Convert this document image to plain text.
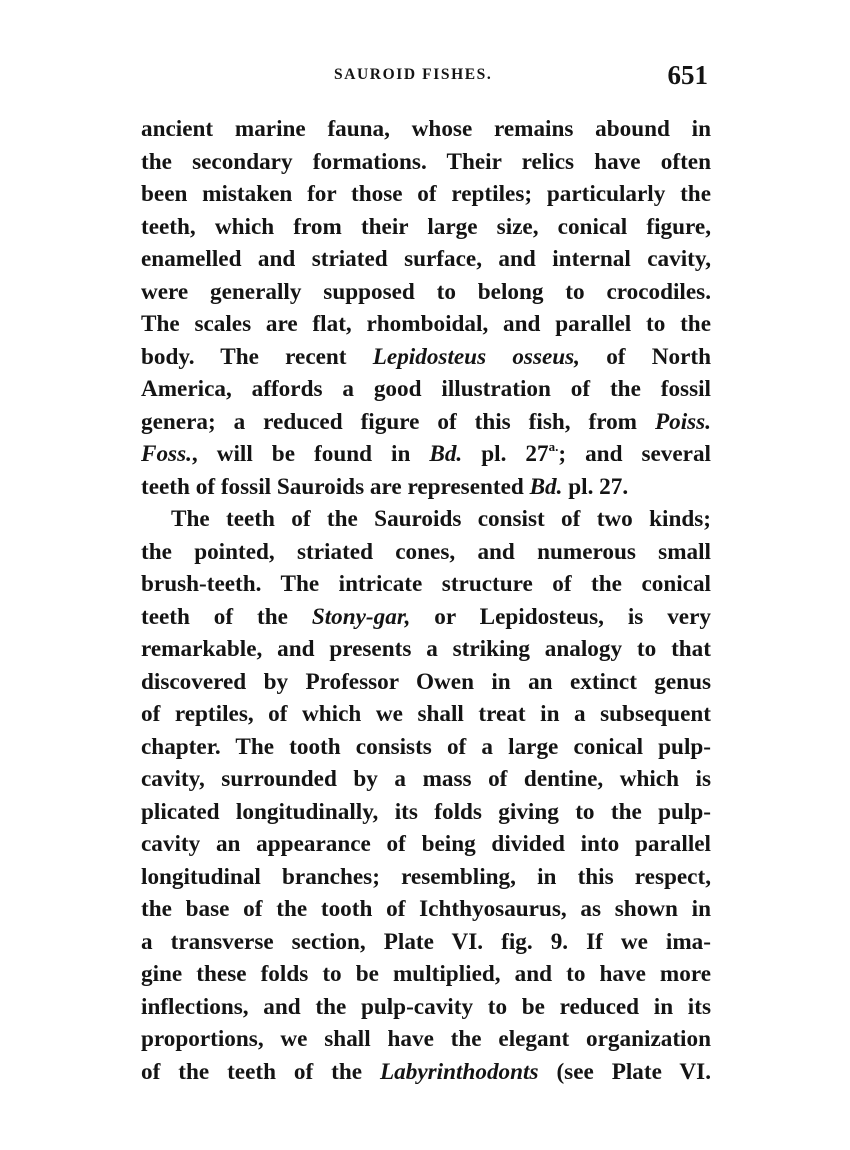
SAUROID FISHES.	651
ancient marine fauna, whose remains abound in
the secondary formations. Their relics have often
been mistaken for those of reptiles; particularly the
teeth, which from their large size, conical figure,
enamelled and striated surface, and internal cavity,
were generally supposed to belong to crocodiles.
The scales are flat, rhomboidal, and parallel to the
body. The recent Lepidosteus osseus, of North
America, affords a good illustration of the fossil
genera; a reduced figure of this fish, from Poiss.
Foss., will be found in Bd. pl. $27^{a.}$; and several
teeth of fossil Sauroids are represented Bd. pl. 27.
The teeth of the Sauroids consist of two kinds;
the pointed, striated cones, and numerous small
brush-teeth. The intricate structure of the conical
teeth of the Stony-gar, or Lepidosteus, is very
remarkable, and presents a striking analogy to that
discovered by Professor Owen in an extinct genus
of reptiles, of which we shall treat in a subsequent
chapter. The tooth consists of a large conical pulp-
cavity, surrounded by a mass of dentine, which is
plicated longitudinally, its folds giving to the pulp-
cavity an appearance of being divided into parallel
longitudinal branches; resembling, in this respect,
the base of the tooth of Ichthyosaurus, as shown in
a transverse section, Plate VI. fig. 9. If we ima-
gine these folds to be multiplied, and to have more
inflections, and the pulp-cavity to be reduced in its
proportions, we shall have the elegant organization
of the teeth of the Labyrinthodonts (see Plate VI.
